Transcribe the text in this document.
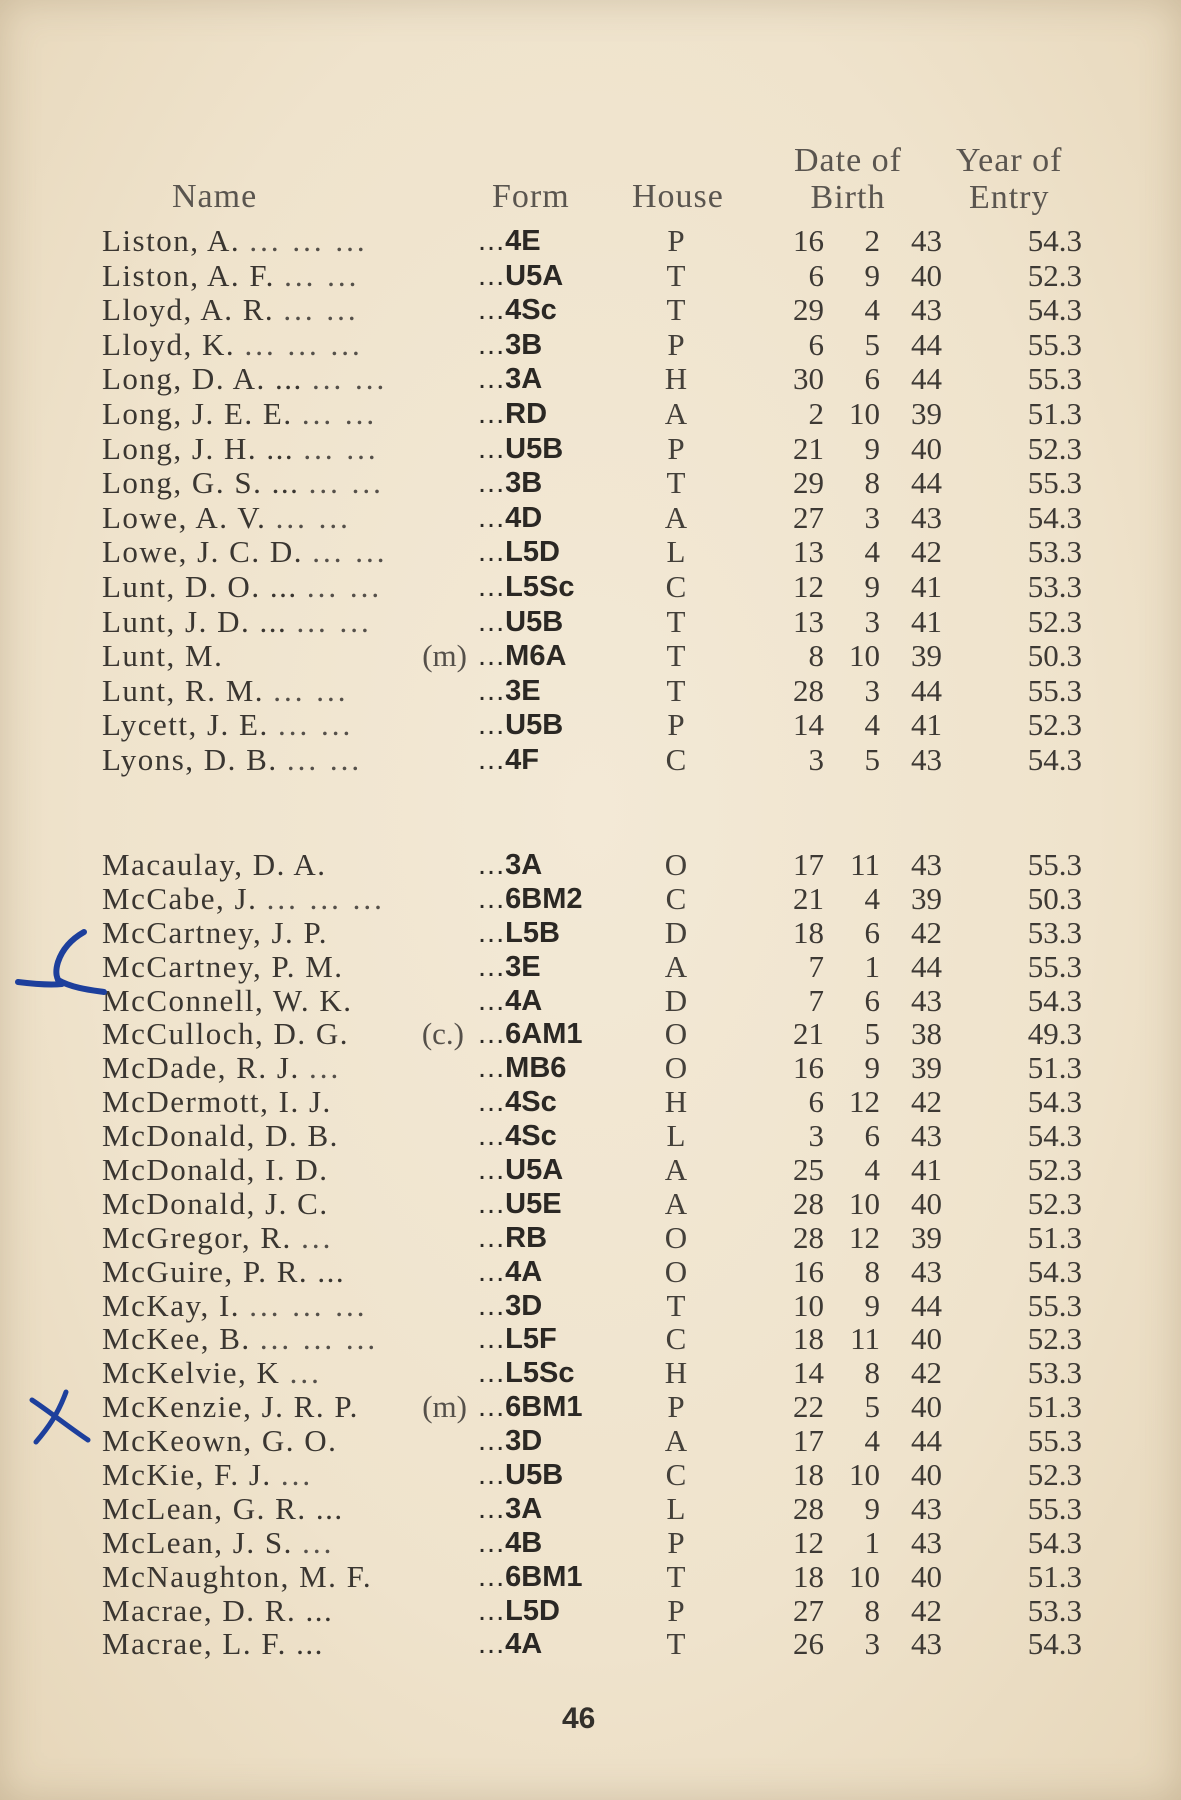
Name	Form House
Date of
Birth
Year of
Entry
Liston, A. ... ... ...	...4E	P	16	2	43	54.3
Liston, A. F. ... ...	...U5A	T	6	9	40	52.3
Lloyd, A. R. ... ...	...4Sc	T	29	4	43	54.3
Lloyd, K. ... ... ...	...3B	P	6	5	44	55.3
Long, D. A. ... ... ...	...3A	H	30	6	44	55.3
Long, J. E. E. ... ...	...RD	A	2 10	39	51.3
Long, J. H. ... ... ...	...U5B	P	21	9	40	52.3
Long, G. S. ... ... ...	...3B	T	29	8	44	55.3
Lowe, A. V. ... ...	...4D	A	27	3	43	54.3
Lowe, J. C. D. ... ...	...L5D	L	13	4	42	53.3
Lunt, D. O. ... ... ...	...L5Sc	C	12	9	41	53.3
Lunt, J. D. ... ... ...	...U5B	T	13	3	41	52.3
Lunt, M.	(m) ...M6A	T	8 10	39	50.3
Lunt, R. M. ... ...	...3E	T	28	3	44	55.3
Lycett, J. E. ... ...	...U5B	P	14	4	41	52.3
Lyons, D. B. ... ...	...4F	C	3	5	43	54.3
Macaulay, D. A.	...3A	O	17 11	43	55.3
McCabe, J. ... ... ...	...6BM2	C	21	4	39	50.3
McCartney, J. P.	...L5B	D	18	6	42	53.3
McCartney, P. M.	...3E	A	7	1	44	55.3
McConnell, W. K.	...4A	D	7	6	43	54.3
McCulloch, D. G. (c.) ...6AM1	O	21	5	38	49.3
McDade, R. J. ...	...MB6	O	16	9	39	51.3
McDermott, I. J.	...4Sc	H	6 12	42	54.3
McDonald, D. B.	...4Sc	L	3	6	43	54.3
McDonald, I. D.	...U5A	A	25	4	41	52.3
McDonald, J. C.	...U5E	A	28 10	40	52.3
McGregor, R. ...	...RB	O	28 12	39	51.3
McGuire, P. R. ...	...4A	O	16	8	43	54.3
McKay, I. ... ... ...	...3D	T	10	9	44	55.3
McKee, B. ... ... ...	...L5F	C	18 11	40	52.3
McKelvie, K ...	...L5Sc	H	14	8	42	53.3
McKenzie, J. R. P. (m) ...6BM1	P	22	5	40	51.3
McKeown, G. O.	...3D	A	17	4	44	55.3
McKie, F. J. ...	...U5B	C	18 10	40	52.3
McLean, G. R. ...	...3A	L	28	9	43	55.3
McLean, J. S. ...	...4B	P	12	1	43	54.3
McNaughton, M. F.	...6BM1	T	18 10	40	51.3
Macrae, D. R. ...	...L5D	P	27	8	42	53.3
Macrae, L. F. ...	...4A	T	26	3	43	54.3
46
